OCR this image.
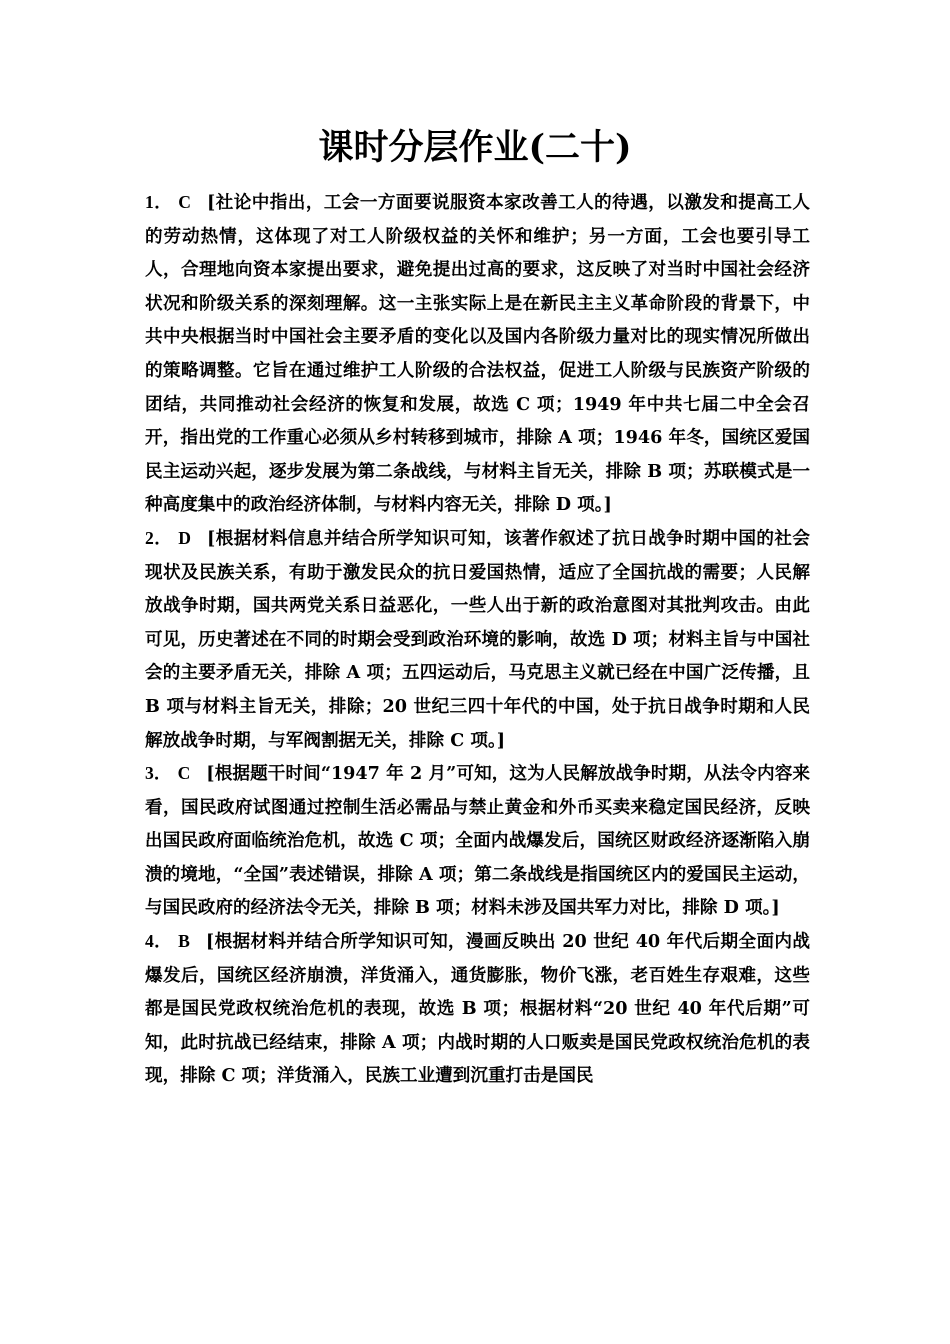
课时分层作业(二十)

1． C [社论中指出，工会一方面要说服资本家改善工人的待遇，以激发和提高工人的劳动热情，这体现了对工人阶级权益的关怀和维护；另一方面，工会也要引导工人，合理地向资本家提出要求，避免提出过高的要求，这反映了对当时中国社会经济状况和阶级关系的深刻理解。这一主张实际上是在新民主主义革命阶段的背景下，中共中央根据当时中国社会主要矛盾的变化以及国内各阶级力量对比的现实情况所做出的策略调整。它旨在通过维护工人阶级的合法权益，促进工人阶级与民族资产阶级的团结，共同推动社会经济的恢复和发展，故选 C 项；1949 年中共七届二中全会召开，指出党的工作重心必须从乡村转移到城市，排除 A 项；1946 年冬，国统区爱国民主运动兴起，逐步发展为第二条战线，与材料主旨无关，排除 B 项；苏联模式是一种高度集中的政治经济体制，与材料内容无关，排除 D 项。]

2． D [根据材料信息并结合所学知识可知，该著作叙述了抗日战争时期中国的社会现状及民族关系，有助于激发民众的抗日爱国热情，适应了全国抗战的需要；人民解放战争时期，国共两党关系日益恶化，一些人出于新的政治意图对其批判攻击。由此可见，历史著述在不同的时期会受到政治环境的影响，故选 D 项；材料主旨与中国社会的主要矛盾无关，排除 A 项；五四运动后，马克思主义就已经在中国广泛传播，且 B 项与材料主旨无关，排除；20 世纪三四十年代的中国，处于抗日战争时期和人民解放战争时期，与军阀割据无关，排除 C 项。]

3． C [根据题干时间“1947 年 2 月”可知，这为人民解放战争时期，从法令内容来看，国民政府试图通过控制生活必需品与禁止黄金和外币买卖来稳定国民经济，反映出国民政府面临统治危机，故选 C 项；全面内战爆发后，国统区财政经济逐渐陷入崩溃的境地，“全国”表述错误，排除 A 项；第二条战线是指国统区内的爱国民主运动，与国民政府的经济法令无关，排除 B 项；材料未涉及国共军力对比，排除 D 项。]

4． B [根据材料并结合所学知识可知，漫画反映出 20 世纪 40 年代后期全面内战爆发后，国统区经济崩溃，洋货涌入，通货膨胀，物价飞涨，老百姓生存艰难，这些都是国民党政权统治危机的表现，故选 B 项；根据材料“20 世纪 40 年代后期”可知，此时抗战已经结束，排除 A 项；内战时期的人口贩卖是国民党政权统治危机的表现，排除 C 项；洋货涌入，民族工业遭到沉重打击是国民
